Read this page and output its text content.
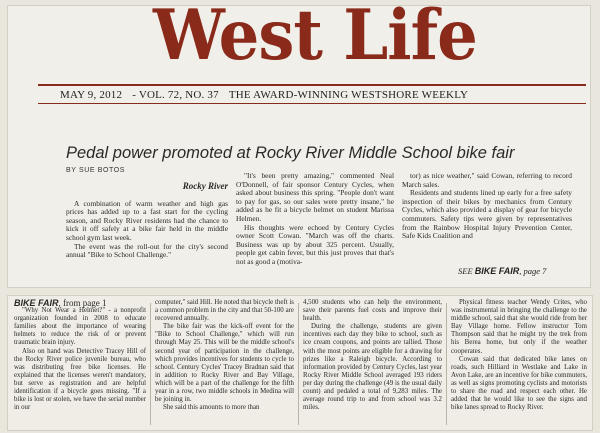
West Life
MAY 9, 2012 - VOL. 72, NO. 37 THE AWARD-WINNING WESTSHORE WEEKLY
Pedal power promoted at Rocky River Middle School bike fair
BY SUE BOTOS

Rocky River

A combination of warm weather and high gas prices has added up to a fast start for the cycling season, and Rocky River residents had the chance to kick it off safely at a bike fair held in the middle school gym last week.

The event was the roll-out for the city's second annual "Bike to School Challenge."

"It's been pretty amazing," commented Neal O'Donnell, of fair sponsor Century Cycles, when asked about business this spring. "People don't want to pay for gas, so our sales were pretty insane," he added as he fit a bicycle helmet on student Marissa Helmen.

His thoughts were echoed by Century Cycles owner Scott Cowan. "March was off the charts. Business was up by about 325 percent. Usually, people get cabin fever, but this just proves that that's not as good a (motiva-

tor) as nice weather," said Cowan, referring to record March sales.

Residents and students lined up early for a free safety inspection of their bikes by mechanics from Century Cycles, which also provided a display of gear for bicycle commuters. Safety tips were given by representatives from the Rainbow Hospital Injury Prevention Center, Safe Kids Coalition and

SEE BIKE FAIR, page 7

BIKE FAIR, from page 1

"Why Not Wear a Helmet?" - a nonprofit organization founded in 2008 to educate families about the importance of wearing helmets to reduce the risk of or prevent traumatic brain injury.

Also on hand was Detective Tracey Hill of the Rocky River police juvenile bureau, who was distributing free bike licenses. He explained that the licenses weren't mandatory, but serve as registration and are helpful identification if a bicycle goes missing. "If a bike is lost or stolen, we have the serial number in our

computer," said Hill. He noted that bicycle theft is a common problem in the city and that 50-100 are recovered annually.

The bike fair was the kick-off event for the "Bike to School Challenge," which will run through May 25. This will be the middle school's second year of participation in the challenge, which provides incentives for students to cycle to school. Century Cycles' Tracey Bradnan said that in addition to Rocky River and Bay Village, which will be a part of the challenge for the fifth year in a row, two middle schools in Medina will be joining in.

She said this amounts to more than

4,500 students who can help the environment, save their parents fuel costs and improve their health.

During the challenge, students are given incentives each day they bike to school, such as ice cream coupons, and points are tallied. Those with the most points are eligible for a drawing for prizes like a Raleigh bicycle. According to information provided by Century Cycles, last year Rocky River Middle School averaged 193 riders per day during the challenge (49 is the usual daily count) and pedaled a total of 9,283 miles. The average round trip to and from school was 3.2 miles.

Physical fitness teacher Wendy Crites, who was instrumental in bringing the challenge to the middle school, said that she would ride from her Bay Village home. Fellow instructor Tom Thompson said that he might try the trek from his Berea home, but only if the weather cooperates.

Cowan said that dedicated bike lanes on roads, such Hilliard in Westlake and Lake in Avon Lake, are an incentive for bike commuters, as well as signs promoting cyclists and motorists to share the road and respect each other. He added that he would like to see the signs and bike lanes spread to Rocky River.
